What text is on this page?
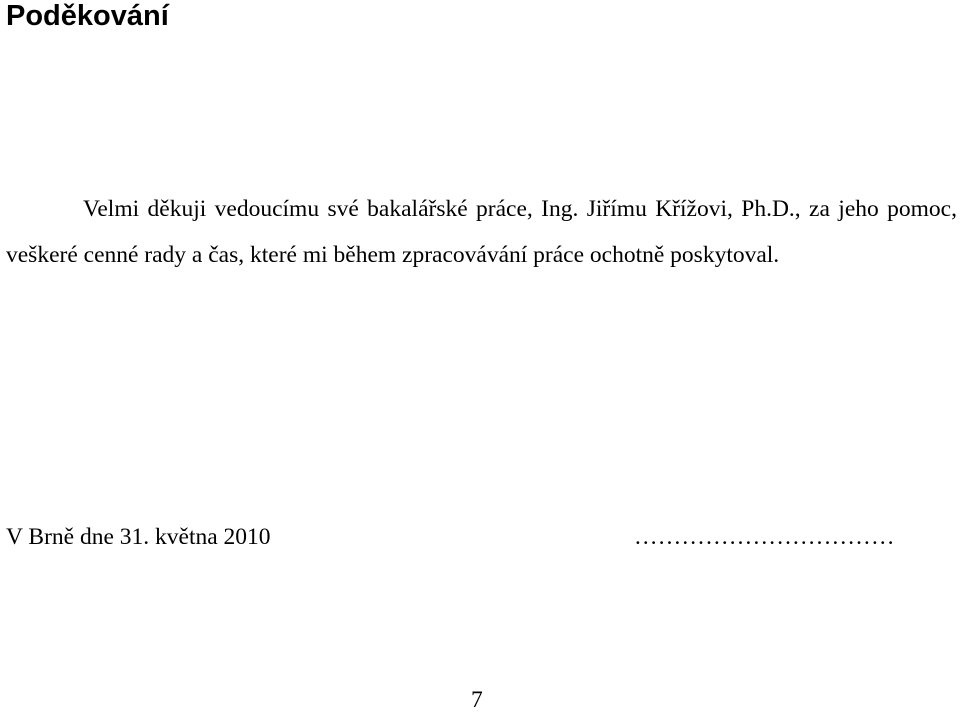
Poděkování

Velmi děkuji vedoucímu své bakalářské práce, Ing. Jiřímu Křížovi, Ph.D., za jeho pomoc, veškeré cenné rady a čas, které mi během zpracovávání práce ochotně poskytoval.

V Brně dne 31. května 2010	……………………………
7
